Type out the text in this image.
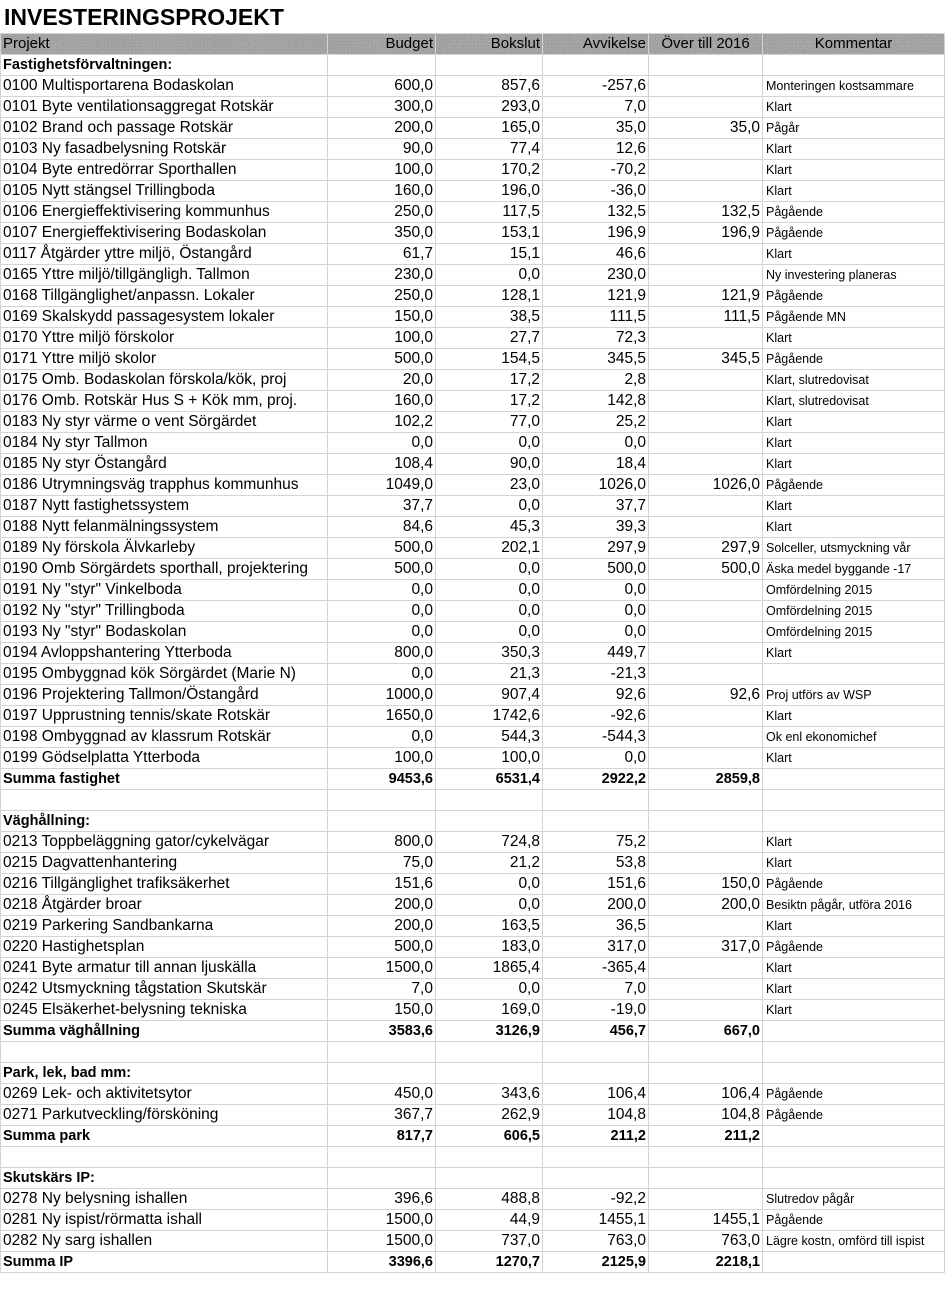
INVESTERINGSPROJEKT
Projekt	Budget	Bokslut	Avvikelse	Över till 2016	Kommentar
Fastighetsförvaltningen:					
0100 Multisportarena Bodaskolan	600,0	857,6	-257,6		Monteringen kostsammare
0101 Byte ventilationsaggregat Rotskär	300,0	293,0	7,0		Klart
0102 Brand och passage Rotskär	200,0	165,0	35,0	35,0	Pågår
0103 Ny fasadbelysning Rotskär	90,0	77,4	12,6		Klart
0104 Byte entredörrar Sporthallen	100,0	170,2	-70,2		Klart
0105 Nytt stängsel Trillingboda	160,0	196,0	-36,0		Klart
0106 Energieffektivisering kommunhus	250,0	117,5	132,5	132,5	Pågående
0107 Energieffektivisering Bodaskolan	350,0	153,1	196,9	196,9	Pågående
0117 Åtgärder yttre miljö, Östangård	61,7	15,1	46,6		Klart
0165 Yttre miljö/tillgängligh. Tallmon	230,0	0,0	230,0		Ny investering planeras
0168 Tillgänglighet/anpassn. Lokaler	250,0	128,1	121,9	121,9	Pågående
0169 Skalskydd passagesystem lokaler	150,0	38,5	111,5	111,5	Pågående MN
0170 Yttre miljö förskolor	100,0	27,7	72,3		Klart
0171 Yttre miljö skolor	500,0	154,5	345,5	345,5	Pågående
0175 Omb. Bodaskolan förskola/kök, proj	20,0	17,2	2,8		Klart, slutredovisat
0176 Omb. Rotskär Hus S + Kök mm, proj.	160,0	17,2	142,8		Klart, slutredovisat
0183 Ny styr värme o vent Sörgärdet	102,2	77,0	25,2		Klart
0184 Ny styr Tallmon	0,0	0,0	0,0		Klart
0185 Ny styr Östangård	108,4	90,0	18,4		Klart
0186 Utrymningsväg trapphus kommunhus	1049,0	23,0	1026,0	1026,0	Pågående
0187 Nytt fastighetssystem	37,7	0,0	37,7		Klart
0188 Nytt felanmälningssystem	84,6	45,3	39,3		Klart
0189 Ny förskola Älvkarleby	500,0	202,1	297,9	297,9	Solceller, utsmyckning vår
0190 Omb Sörgärdets sporthall, projektering	500,0	0,0	500,0	500,0	Äska medel byggande -17
0191 Ny "styr" Vinkelboda	0,0	0,0	0,0		Omfördelning 2015
0192 Ny "styr" Trillingboda	0,0	0,0	0,0		Omfördelning 2015
0193 Ny "styr" Bodaskolan	0,0	0,0	0,0		Omfördelning 2015
0194 Avloppshantering Ytterboda	800,0	350,3	449,7		Klart
0195 Ombyggnad kök Sörgärdet (Marie N)	0,0	21,3	-21,3		
0196 Projektering Tallmon/Östangård	1000,0	907,4	92,6	92,6	Proj utförs av WSP
0197 Upprustning tennis/skate Rotskär	1650,0	1742,6	-92,6		Klart
0198 Ombyggnad av klassrum Rotskär	0,0	544,3	-544,3		Ok enl ekonomichef
0199 Gödselplatta Ytterboda	100,0	100,0	0,0		Klart
Summa fastighet	9453,6	6531,4	2922,2	2859,8	

Väghållning:					
0213 Toppbeläggning gator/cykelvägar	800,0	724,8	75,2		Klart
0215 Dagvattenhantering	75,0	21,2	53,8		Klart
0216 Tillgänglighet trafiksäkerhet	151,6	0,0	151,6	150,0	Pågående
0218 Åtgärder broar	200,0	0,0	200,0	200,0	Besiktn pågår, utföra 2016
0219 Parkering Sandbankarna	200,0	163,5	36,5		Klart
0220 Hastighetsplan	500,0	183,0	317,0	317,0	Pågående
0241 Byte armatur till annan ljuskälla	1500,0	1865,4	-365,4		Klart
0242 Utsmyckning tågstation Skutskär	7,0	0,0	7,0		Klart
0245 Elsäkerhet-belysning tekniska	150,0	169,0	-19,0		Klart
Summa väghållning	3583,6	3126,9	456,7	667,0	

Park, lek, bad mm:					
0269 Lek- och aktivitetsytor	450,0	343,6	106,4	106,4	Pågående
0271 Parkutveckling/försköning	367,7	262,9	104,8	104,8	Pågående
Summa park	817,7	606,5	211,2	211,2	

Skutskärs IP:					
0278 Ny belysning ishallen	396,6	488,8	-92,2		Slutredov pågår
0281 Ny ispist/rörmatta ishall	1500,0	44,9	1455,1	1455,1	Pågående
0282 Ny sarg ishallen	1500,0	737,0	763,0	763,0	Lägre kostn, omförd till ispist
Summa IP	3396,6	1270,7	2125,9	2218,1	
